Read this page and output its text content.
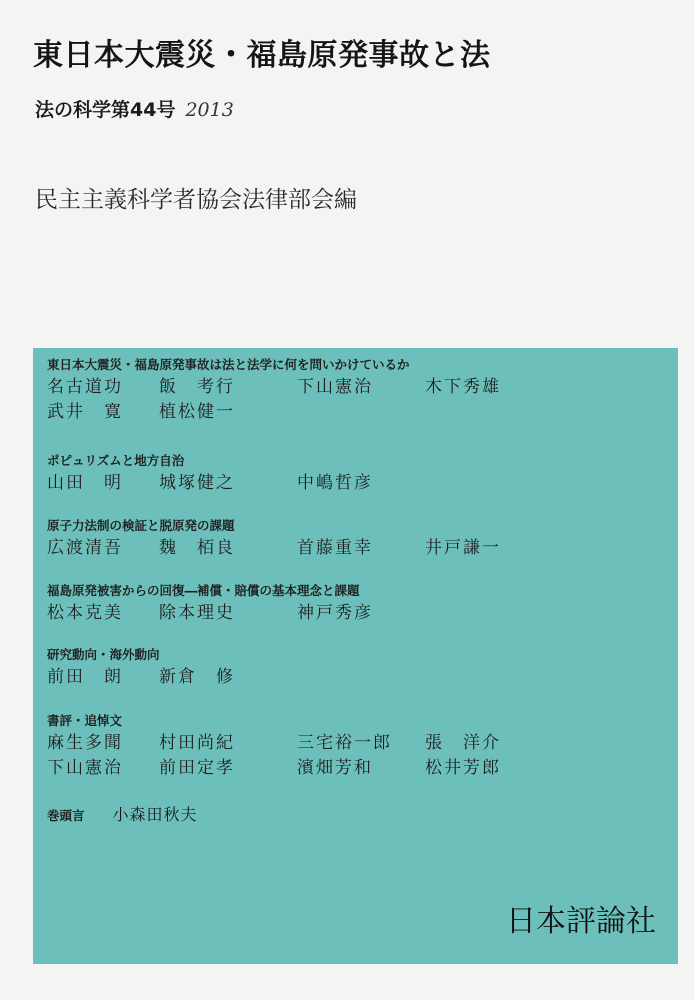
東日本大震災・福島原発事故と法
法の科学第44号 2013
民主主義科学者協会法律部会編
日本評論社
東日本大震災・福島原発事故は法と法学に何を問いかけているか
名古道功 飯　考行	下山憲治	木下秀雄
武井　寛 植松健一
ポピュリズムと地方自治
山田　明 城塚健之	中嶋哲彦
原子力法制の検証と脱原発の課題
広渡清吾 魏　栢良	首藤重幸	井戸謙一
福島原発被害からの回復―補償・賠償の基本理念と課題
松本克美 除本理史	神戸秀彦
研究動向・海外動向
前田　朗 新倉　修
書評・追悼文
麻生多聞 村田尚紀	三宅裕一郎 張　洋介
下山憲治 前田定孝	濱畑芳和	松井芳郎
巻頭言 小森田秋夫
